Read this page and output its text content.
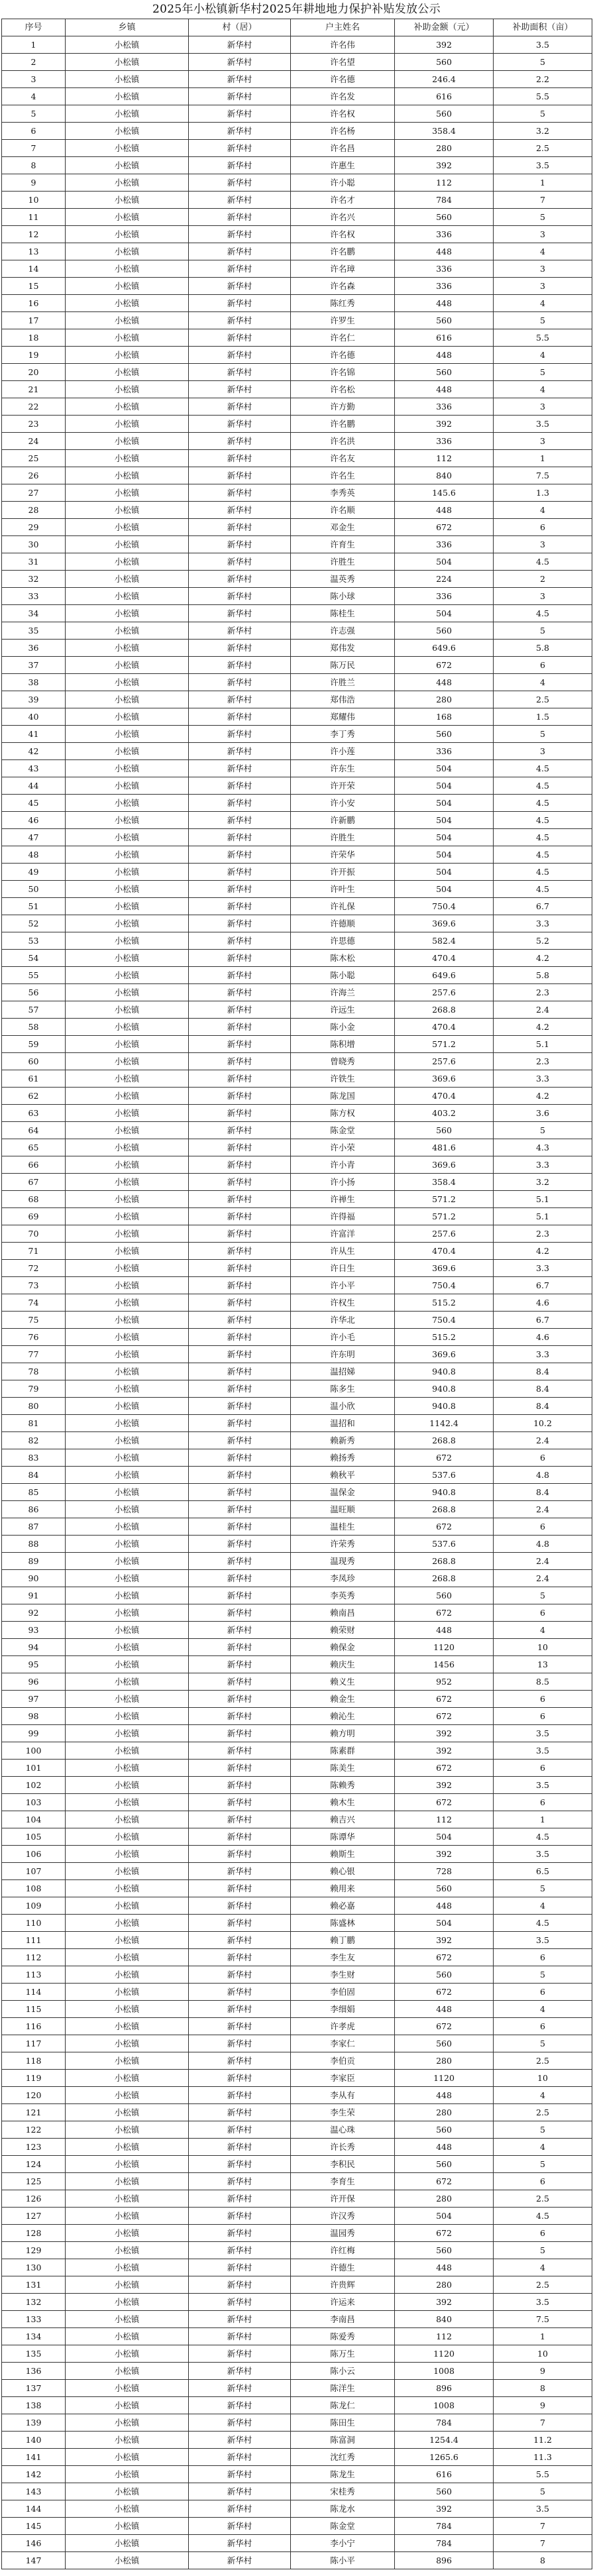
2025年小松镇新华村2025年耕地地力保护补贴发放公示
序号	乡镇	村（居）	户主姓名	补助金额（元）	补助面积（亩）
1	小松镇	新华村	许名伟	392	3.5
2	小松镇	新华村	许名望	560	5
3	小松镇	新华村	许名德	246.4	2.2
4	小松镇	新华村	许名发	616	5.5
5	小松镇	新华村	许名权	560	5
6	小松镇	新华村	许名杨	358.4	3.2
7	小松镇	新华村	许名昌	280	2.5
8	小松镇	新华村	许惠生	392	3.5
9	小松镇	新华村	许小聪	112	1
10	小松镇	新华村	许名才	784	7
11	小松镇	新华村	许名兴	560	5
12	小松镇	新华村	许名权	336	3
13	小松镇	新华村	许名鹏	448	4
14	小松镇	新华村	许名璋	336	3
15	小松镇	新华村	许名森	336	3
16	小松镇	新华村	陈红秀	448	4
17	小松镇	新华村	许罗生	560	5
18	小松镇	新华村	许名仁	616	5.5
19	小松镇	新华村	许名德	448	4
20	小松镇	新华村	许名锦	560	5
21	小松镇	新华村	许名松	448	4
22	小松镇	新华村	许方勤	336	3
23	小松镇	新华村	许名鹏	392	3.5
24	小松镇	新华村	许名洪	336	3
25	小松镇	新华村	许名友	112	1
26	小松镇	新华村	许名生	840	7.5
27	小松镇	新华村	李秀英	145.6	1.3
28	小松镇	新华村	许名顺	448	4
29	小松镇	新华村	邓金生	672	6
30	小松镇	新华村	许育生	336	3
31	小松镇	新华村	许胜生	504	4.5
32	小松镇	新华村	温英秀	224	2
33	小松镇	新华村	陈小球	336	3
34	小松镇	新华村	陈桂生	504	4.5
35	小松镇	新华村	许志强	560	5
36	小松镇	新华村	郑伟发	649.6	5.8
37	小松镇	新华村	陈万民	672	6
38	小松镇	新华村	许胜兰	448	4
39	小松镇	新华村	郑伟浩	280	2.5
40	小松镇	新华村	郑耀伟	168	1.5
41	小松镇	新华村	李丁秀	560	5
42	小松镇	新华村	许小莲	336	3
43	小松镇	新华村	许东生	504	4.5
44	小松镇	新华村	许开荣	504	4.5
45	小松镇	新华村	许小安	504	4.5
46	小松镇	新华村	许新鹏	504	4.5
47	小松镇	新华村	许胜生	504	4.5
48	小松镇	新华村	许荣华	504	4.5
49	小松镇	新华村	许开振	504	4.5
50	小松镇	新华村	许叶生	504	4.5
51	小松镇	新华村	许礼保	750.4	6.7
52	小松镇	新华村	许德顺	369.6	3.3
53	小松镇	新华村	许思德	582.4	5.2
54	小松镇	新华村	陈木松	470.4	4.2
55	小松镇	新华村	陈小聪	649.6	5.8
56	小松镇	新华村	许海兰	257.6	2.3
57	小松镇	新华村	许远生	268.8	2.4
58	小松镇	新华村	陈小金	470.4	4.2
59	小松镇	新华村	陈积增	571.2	5.1
60	小松镇	新华村	曾晓秀	257.6	2.3
61	小松镇	新华村	许铁生	369.6	3.3
62	小松镇	新华村	陈龙国	470.4	4.2
63	小松镇	新华村	陈方权	403.2	3.6
64	小松镇	新华村	陈金堂	560	5
65	小松镇	新华村	许小荣	481.6	4.3
66	小松镇	新华村	许小青	369.6	3.3
67	小松镇	新华村	许小扬	358.4	3.2
68	小松镇	新华村	许禅生	571.2	5.1
69	小松镇	新华村	许得福	571.2	5.1
70	小松镇	新华村	许富洋	257.6	2.3
71	小松镇	新华村	许从生	470.4	4.2
72	小松镇	新华村	许日生	369.6	3.3
73	小松镇	新华村	许小平	750.4	6.7
74	小松镇	新华村	许权生	515.2	4.6
75	小松镇	新华村	许华北	750.4	6.7
76	小松镇	新华村	许小毛	515.2	4.6
77	小松镇	新华村	许东明	369.6	3.3
78	小松镇	新华村	温招娣	940.8	8.4
79	小松镇	新华村	陈多生	940.8	8.4
80	小松镇	新华村	温小欣	940.8	8.4
81	小松镇	新华村	温招和	1142.4	10.2
82	小松镇	新华村	赖新秀	268.8	2.4
83	小松镇	新华村	赖扬秀	672	6
84	小松镇	新华村	赖秋平	537.6	4.8
85	小松镇	新华村	温保金	940.8	8.4
86	小松镇	新华村	温旺顺	268.8	2.4
87	小松镇	新华村	温桂生	672	6
88	小松镇	新华村	许荣秀	537.6	4.8
89	小松镇	新华村	温现秀	268.8	2.4
90	小松镇	新华村	李凤珍	268.8	2.4
91	小松镇	新华村	李英秀	560	5
92	小松镇	新华村	赖南昌	672	6
93	小松镇	新华村	赖荣财	448	4
94	小松镇	新华村	赖保金	1120	10
95	小松镇	新华村	赖庆生	1456	13
96	小松镇	新华村	赖义生	952	8.5
97	小松镇	新华村	赖金生	672	6
98	小松镇	新华村	赖沁生	672	6
99	小松镇	新华村	赖方明	392	3.5
100	小松镇	新华村	陈素群	392	3.5
101	小松镇	新华村	陈美生	672	6
102	小松镇	新华村	陈赖秀	392	3.5
103	小松镇	新华村	赖木生	672	6
104	小松镇	新华村	赖吉兴	112	1
105	小松镇	新华村	陈谭华	504	4.5
106	小松镇	新华村	赖斯生	392	3.5
107	小松镇	新华村	赖心银	728	6.5
108	小松镇	新华村	赖用来	560	5
109	小松镇	新华村	赖必嘉	448	4
110	小松镇	新华村	陈盛林	504	4.5
111	小松镇	新华村	赖丁鹏	392	3.5
112	小松镇	新华村	李生友	672	6
113	小松镇	新华村	李生财	560	5
114	小松镇	新华村	李伯固	672	6
115	小松镇	新华村	李细娟	448	4
116	小松镇	新华村	许孝虎	672	6
117	小松镇	新华村	李家仁	560	5
118	小松镇	新华村	李伯贡	280	2.5
119	小松镇	新华村	李家臣	1120	10
120	小松镇	新华村	李从有	448	4
121	小松镇	新华村	李生荣	280	2.5
122	小松镇	新华村	温心珠	560	5
123	小松镇	新华村	许长秀	448	4
124	小松镇	新华村	李积民	560	5
125	小松镇	新华村	李育生	672	6
126	小松镇	新华村	许开保	280	2.5
127	小松镇	新华村	许汉秀	504	4.5
128	小松镇	新华村	温园秀	672	6
129	小松镇	新华村	许红梅	560	5
130	小松镇	新华村	许德生	448	4
131	小松镇	新华村	许贵辉	280	2.5
132	小松镇	新华村	许运来	392	3.5
133	小松镇	新华村	李南昌	840	7.5
134	小松镇	新华村	陈爱秀	112	1
135	小松镇	新华村	陈万生	1120	10
136	小松镇	新华村	陈小云	1008	9
137	小松镇	新华村	陈洋生	896	8
138	小松镇	新华村	陈龙仁	1008	9
139	小松镇	新华村	陈田生	784	7
140	小松镇	新华村	陈富洞	1254.4	11.2
141	小松镇	新华村	沈红秀	1265.6	11.3
142	小松镇	新华村	陈龙生	616	5.5
143	小松镇	新华村	宋桂秀	560	5
144	小松镇	新华村	陈龙水	392	3.5
145	小松镇	新华村	陈金堂	784	7
146	小松镇	新华村	李小宁	784	7
147	小松镇	新华村	陈小平	896	8
